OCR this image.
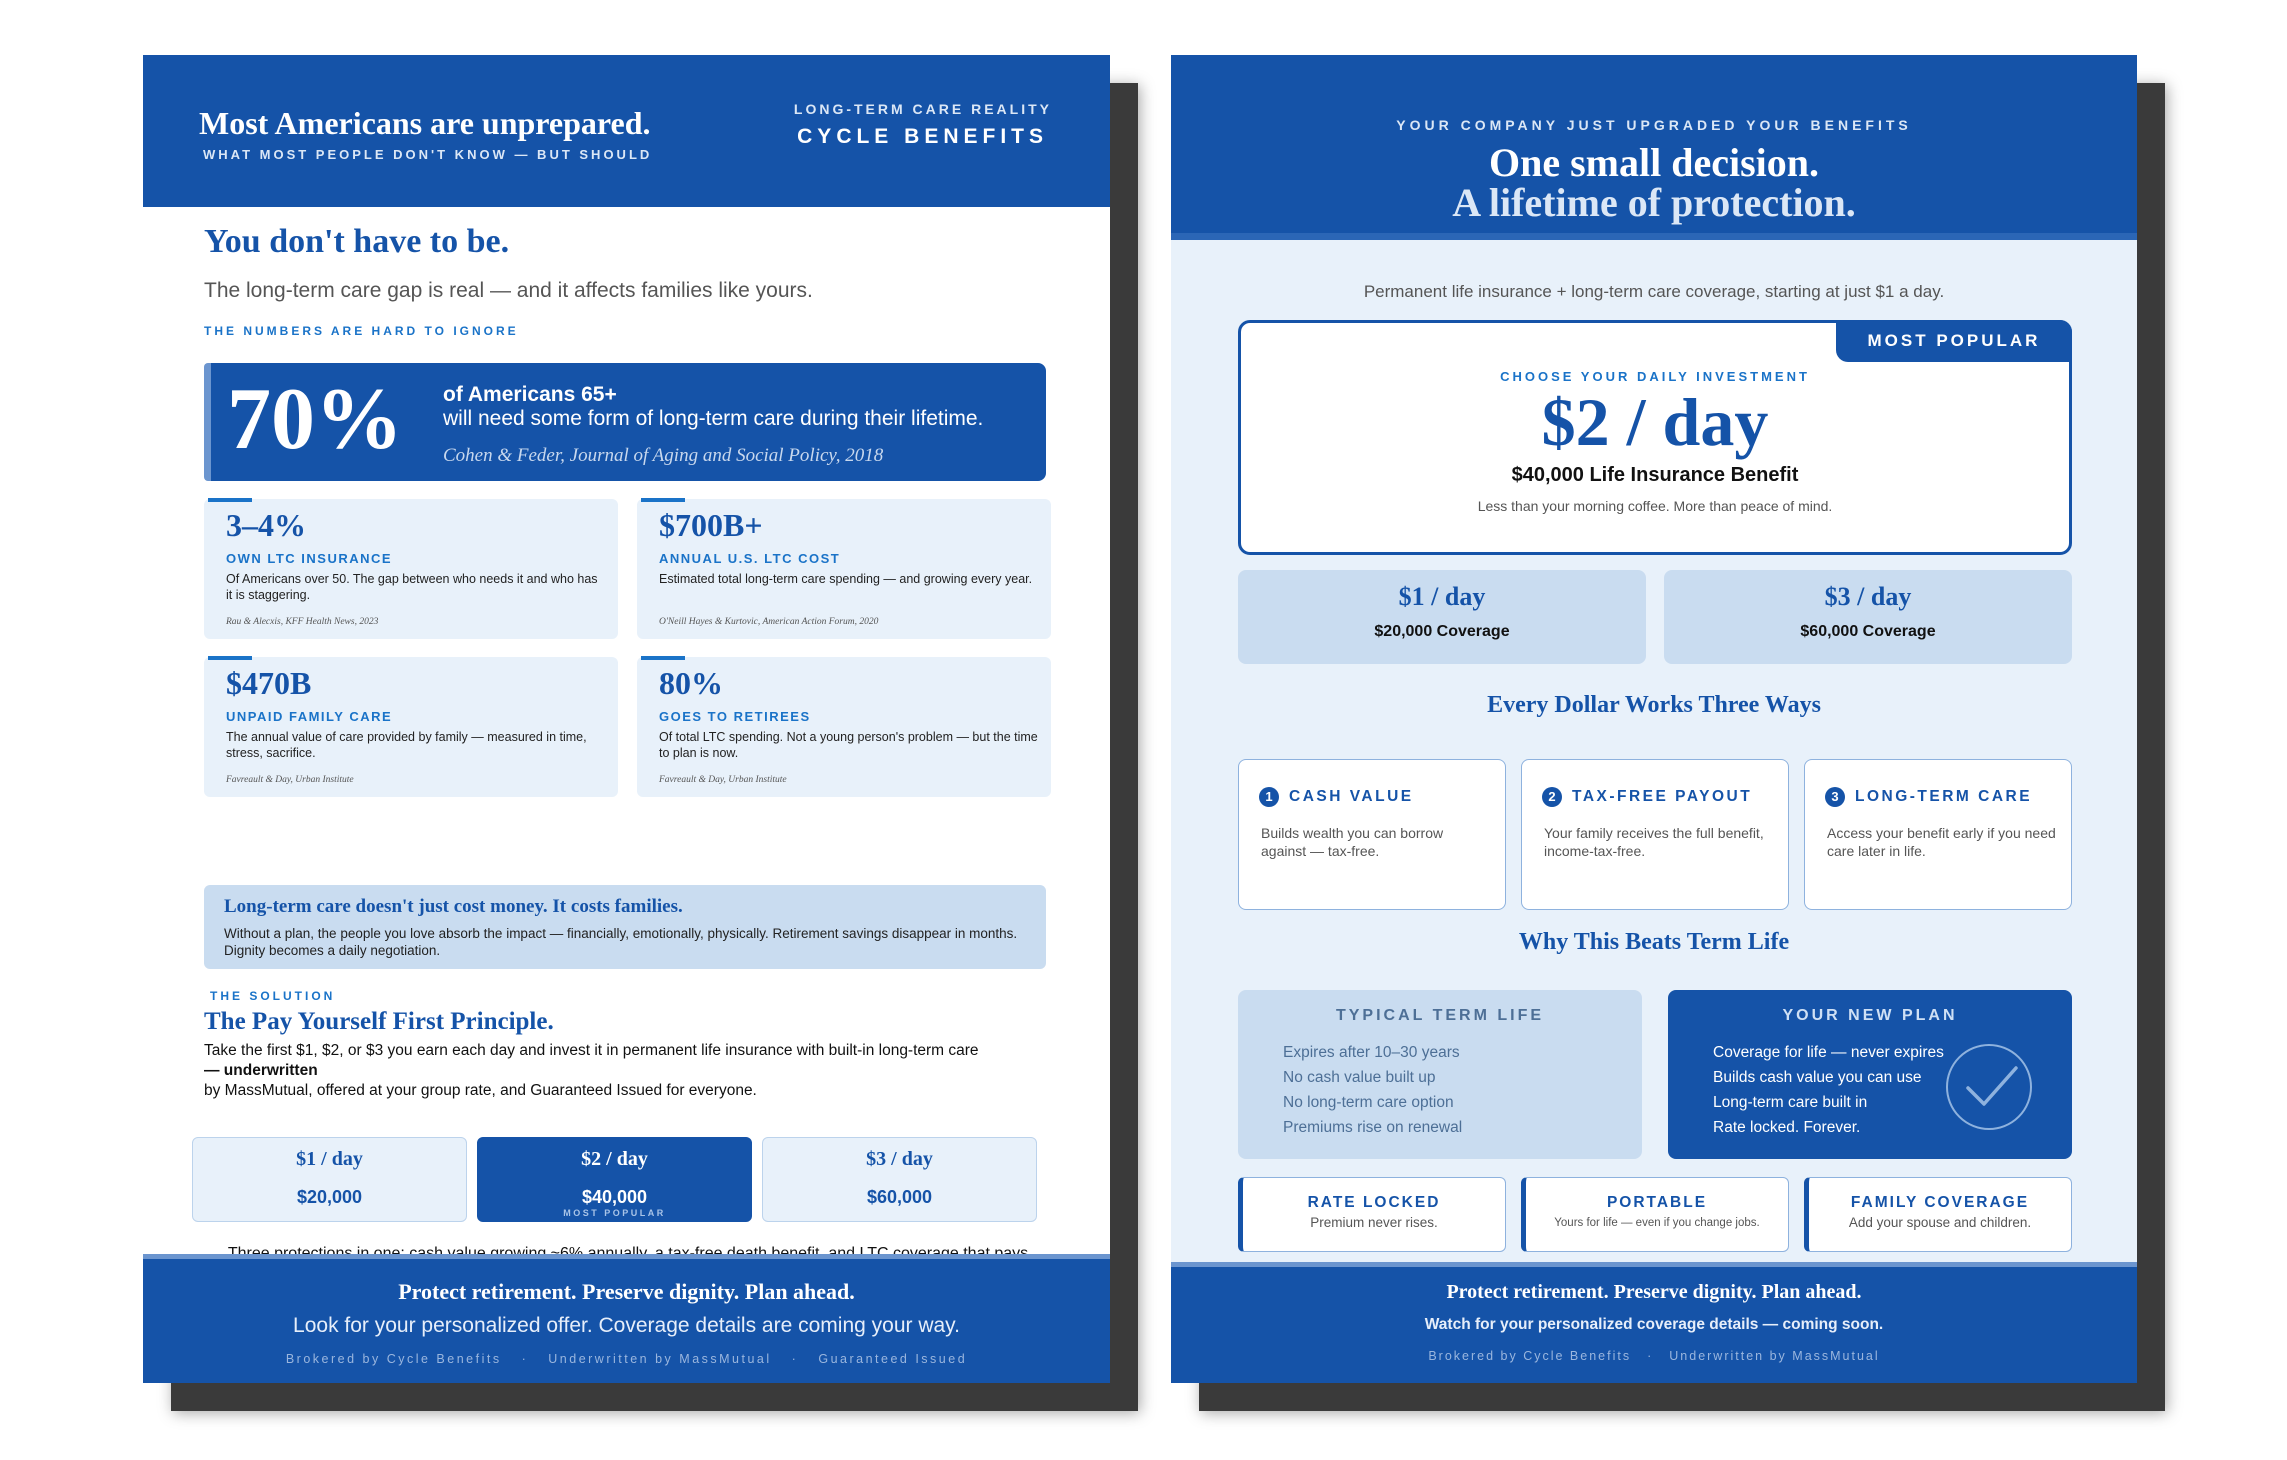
Most Americans are unprepared.
WHAT MOST PEOPLE DON'T KNOW — BUT SHOULD
LONG-TERM CARE REALITY
CYCLE BENEFITS
You don't have to be.
The long-term care gap is real — and it affects families like yours.
THE NUMBERS ARE HARD TO IGNORE
70% of Americans 65+
will need some form of long-term care during their lifetime.
Cohen & Feder, Journal of Aging and Social Policy, 2018
3–4%
OWN LTC INSURANCE
Of Americans over 50. The gap between who needs it and who has it is staggering.
Rau & Alecxis, KFF Health News, 2023
$700B+
ANNUAL U.S. LTC COST
Estimated total long-term care spending — and growing every year.
O'Neill Hayes & Kurtovic, American Action Forum, 2020
$470B
UNPAID FAMILY CARE
The annual value of care provided by family — measured in time, stress, sacrifice.
Favreault & Day, Urban Institute
80%
GOES TO RETIREES
Of total LTC spending. Not a young person's problem — but the time to plan is now.
Favreault & Day, Urban Institute
Long-term care doesn't just cost money. It costs families.
Without a plan, the people you love absorb the impact — financially, emotionally, physically. Retirement savings disappear in months. Dignity becomes a daily negotiation.
THE SOLUTION
The Pay Yourself First Principle.
Take the first $1, $2, or $3 you earn each day and invest it in permanent life insurance with built-in long-term care
— underwritten
by MassMutual, offered at your group rate, and Guaranteed Issued for everyone.
$1 / day
$20,000
$2 / day
$40,000
MOST POPULAR
$3 / day
$60,000
Protect retirement. Preserve dignity. Plan ahead.
Look for your personalized offer. Coverage details are coming your way.
Brokered by Cycle Benefits · Underwritten by MassMutual · Guaranteed Issued
YOUR COMPANY JUST UPGRADED YOUR BENEFITS
One small decision.
A lifetime of protection.
Permanent life insurance + long-term care coverage, starting at just $1 a day.
MOST POPULAR
CHOOSE YOUR DAILY INVESTMENT
$2 / day
$40,000 Life Insurance Benefit
Less than your morning coffee. More than peace of mind.
$1 / day
$20,000 Coverage
$3 / day
$60,000 Coverage
Every Dollar Works Three Ways
1	CASH VALUE
Builds wealth you can borrow against — tax-free.
2	TAX-FREE PAYOUT
Your family receives the full benefit, income-tax-free.
3	LONG-TERM CARE
Access your benefit early if you need care later in life.
Why This Beats Term Life
TYPICAL TERM LIFE
Expires after 10–30 years
No cash value built up
No long-term care option
Premiums rise on renewal
YOUR NEW PLAN
Coverage for life — never expires
Builds cash value you can use
Long-term care built in
Rate locked. Forever.
RATE LOCKED
Premium never rises.
PORTABLE
Yours for life — even if you change jobs.
FAMILY COVERAGE
Add your spouse and children.
Protect retirement. Preserve dignity. Plan ahead.
Watch for your personalized coverage details — coming soon.
Brokered by Cycle Benefits · Underwritten by MassMutual
